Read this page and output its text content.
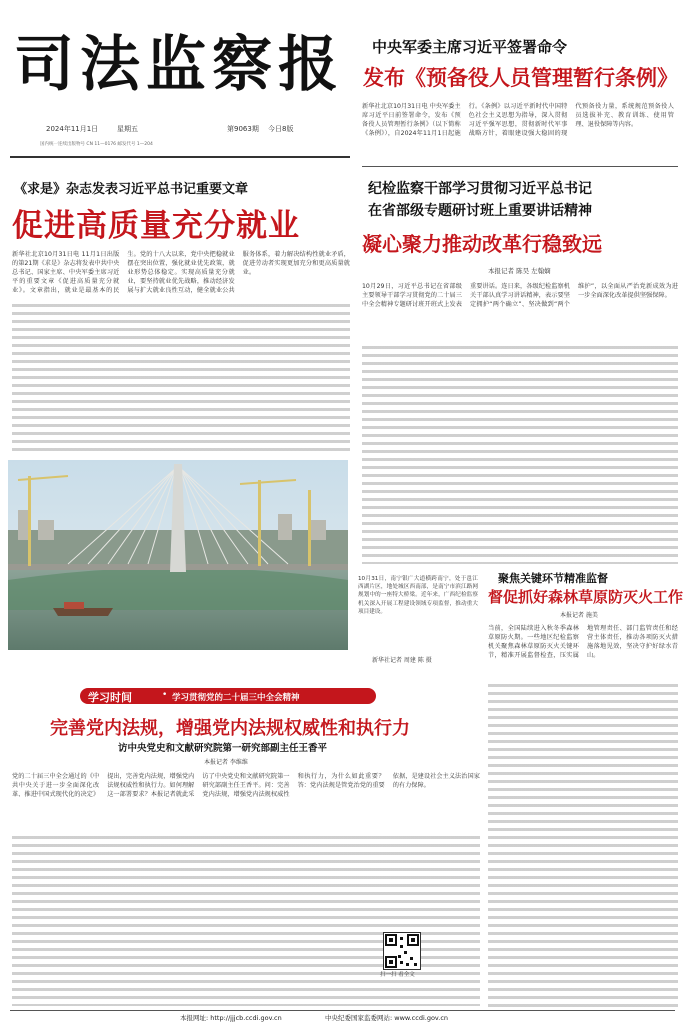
司法监察报
2024年11月1日	星期五	第9063期 今日8版
国内统一连续出版物号 CN 11—0176 邮发代号 1—204
中央军委主席习近平签署命令
发布《预备役人员管理暂行条例》
新华社北京10月31日电 中央军委主席习近平日前签署命令，发布《预备役人员管理暂行条例》（以下简称《条例》），自2024年11月1日起施行。《条例》以习近平新时代中国特色社会主义思想为指导，深入贯彻习近平强军思想，贯彻新时代军事战略方针，着眼建设强大稳固的现代预备役力量，系统规范预备役人员选拔补充、教育训练、使用管理、退役保障等内容。
《求是》杂志发表习近平总书记重要文章
促进高质量充分就业
新华社北京10月31日电 11月1日出版的第21期《求是》杂志将发表中共中央总书记、国家主席、中央军委主席习近平的重要文章《促进高质量充分就业》。文章指出，就业是最基本的民生。党的十八大以来，党中央把稳就业摆在突出位置，强化就业优先政策，就业形势总体稳定。实现高质量充分就业，要坚持就业优先战略，推动经济发展与扩大就业良性互动，健全就业公共服务体系，着力解决结构性就业矛盾，促进劳动者实现更加充分和更高质量就业。
纪检监察干部学习贯彻习近平总书记
在省部级专题研讨班上重要讲话精神
凝心聚力推动改革行稳致远
本报记者 陈昊 左翰嫡
10月29日，习近平总书记在省部级主要领导干部学习贯彻党的二十届三中全会精神专题研讨班开班式上发表重要讲话。连日来，各级纪检监察机关干部认真学习讲话精神，表示要坚定拥护“两个确立”、坚决做到“两个维护”，以全面从严治党新成效为进一步全面深化改革提供坚强保障。
10月31日，南宁银广大道横跨南宁，处于邕江西湖片区，地处城区西南部，是南宁市滨江路网规划中的一座特大桥梁。近年来，广西纪检监察机关深入开展工程建设领域专项监督，推动重大项目建设。
新华社记者 周建 陈 摄
聚焦关键环节精准监督
督促抓好森林草原防灭火工作
本报记者 施美
当前，全国陆续进入秋冬季森林草原防火期。一些地区纪检监察机关聚焦森林草原防灭火关键环节，精准开展监督检查，压实属地管理责任、部门监管责任和经营主体责任，推动各项防灭火措施落地见效，坚决守护好绿水青山。
学习时间	• 学习贯彻党的二十届三中全会精神
完善党内法规，增强党内法规权威性和执行力
访中央党史和文献研究院第一研究部副主任王香平
本报记者 李维维
党的二十届三中全会通过的《中共中央关于进一步全面深化改革、推进中国式现代化的决定》提出，完善党内法规，增强党内法规权威性和执行力。如何理解这一部署要求？本报记者就此采访了中央党史和文献研究院第一研究部副主任王香平。问：完善党内法规，增强党内法规权威性和执行力，为什么如此重要？答：党内法规是管党治党的重要依据，是建设社会主义法治国家的有力保障。
扫一扫 看全文
本报网址: http://jjjcb.ccdi.gov.cn	中央纪委国家监委网站: www.ccdi.gov.cn
